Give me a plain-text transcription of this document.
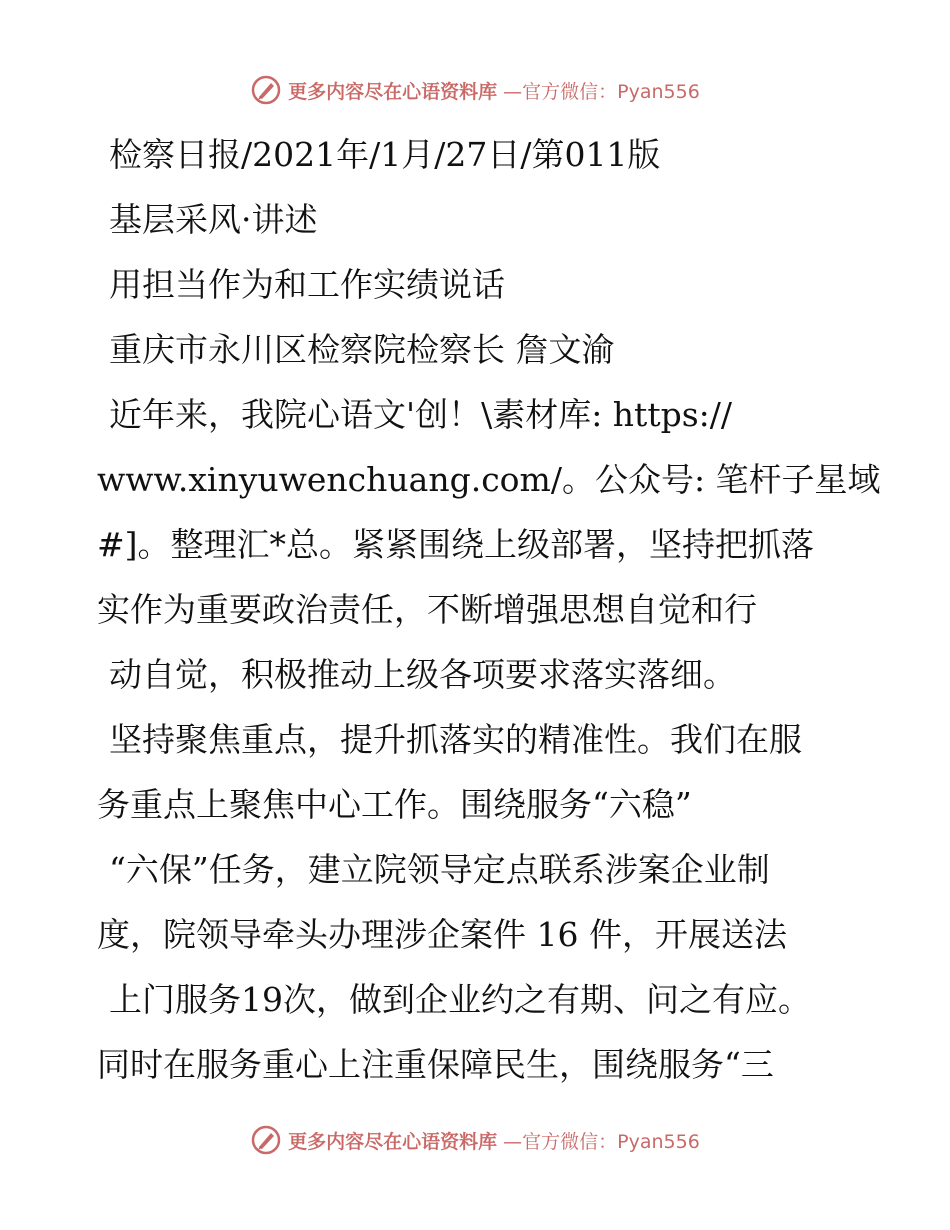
更多内容尽在心语资料库 —官方微信：Pyan556
检察日报/2021年/1月/27日/第011版
基层采风·讲述
用担当作为和工作实绩说话
重庆市永川区检察院检察长 詹文渝
近年来，我院心语文'创！\素材库: https://
www.xinyuwenchuang.com/。公众号: 笔杆子星域
#]。整理汇*总。紧紧围绕上级部署，坚持把抓落
实作为重要政治责任，不断增强思想自觉和行
动自觉，积极推动上级各项要求落实落细。
坚持聚焦重点，提升抓落实的精准性。我们在服
务重点上聚焦中心工作。围绕服务“六稳”
“六保”任务，建立院领导定点联系涉案企业制
度，院领导牵头办理涉企案件 16 件，开展送法
上门服务19次，做到企业约之有期、问之有应。
同时在服务重心上注重保障民生，围绕服务“三
更多内容尽在心语资料库 —官方微信：Pyan556
